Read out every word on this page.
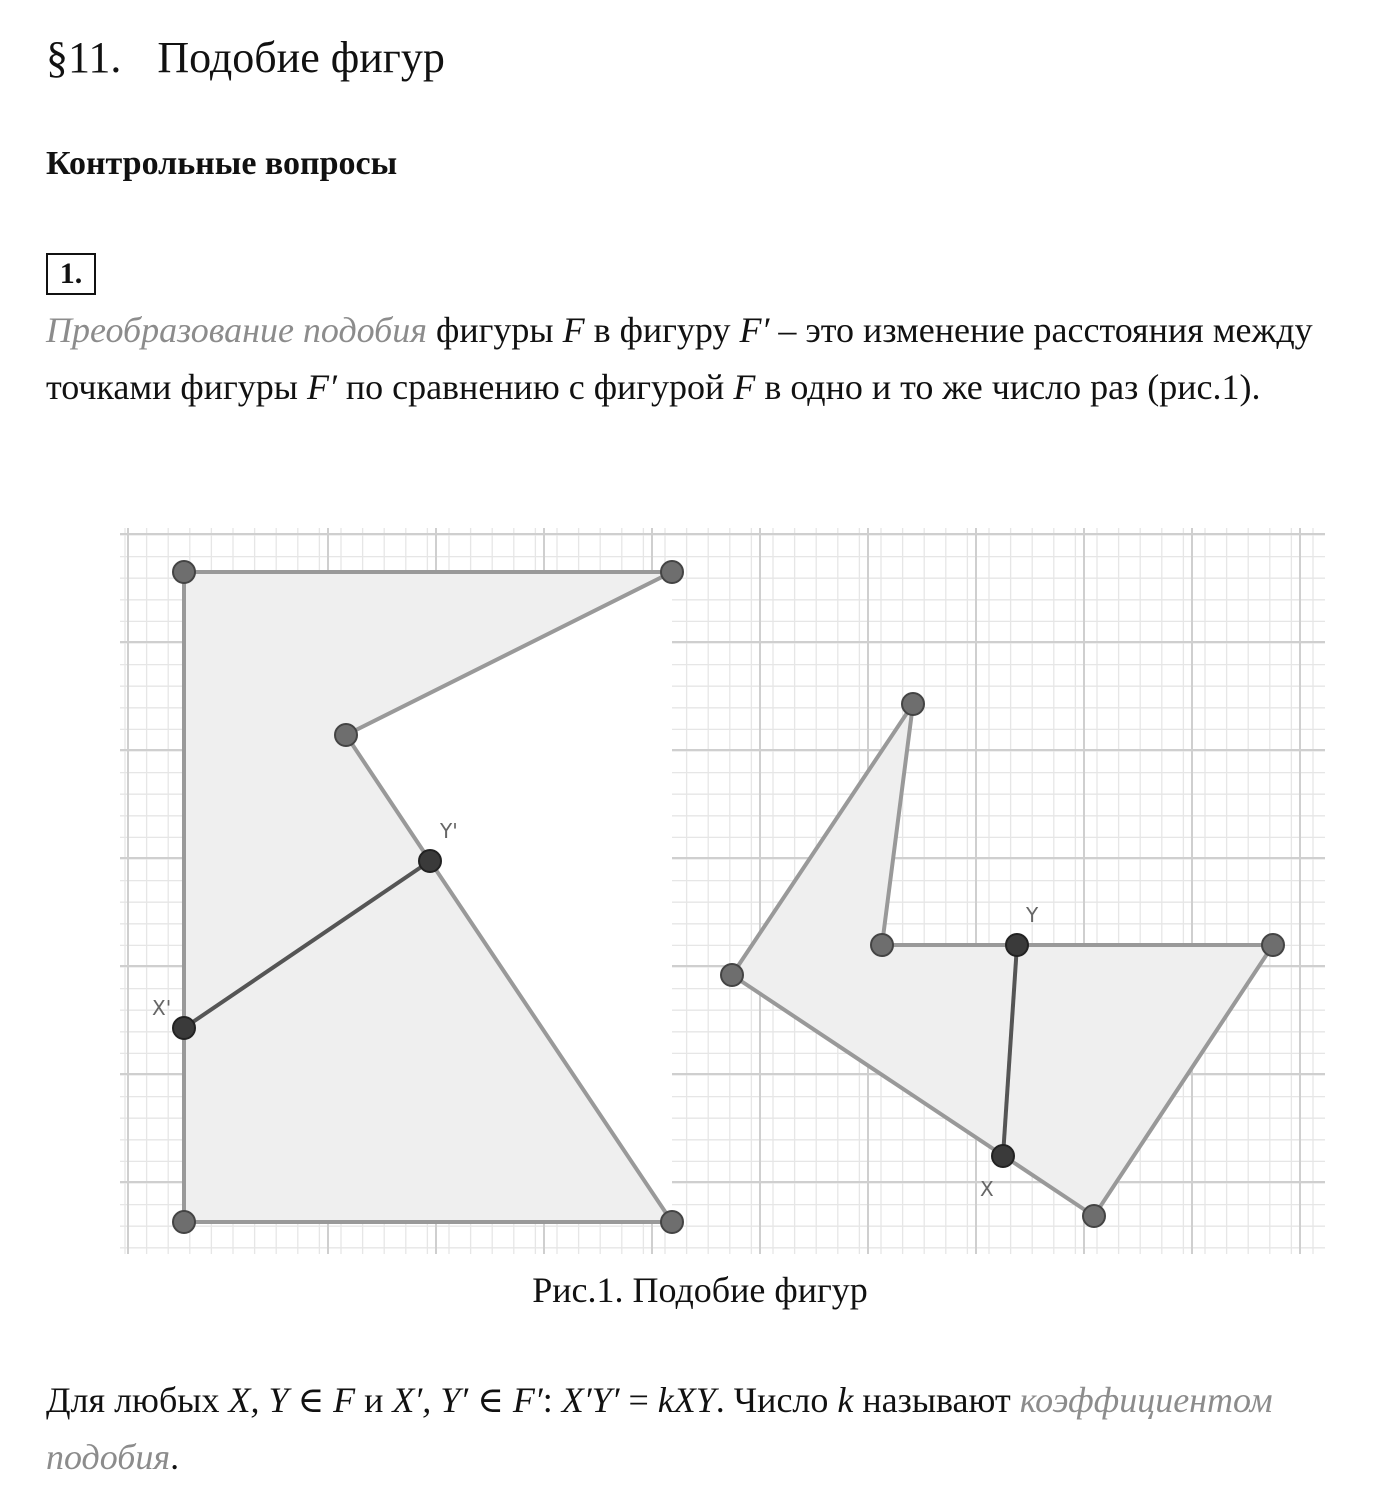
§11. Подобие фигур
Контрольные вопросы
1.
Преобразование подобия фигуры F в фигуру F′ – это изменение расстояния между точками фигуры F′ по сравнению с фигурой F в одно и то же число раз (рис.1).
Y'
X'
Y
X
Рис.1. Подобие фигур
Для любых X, Y ∈ F и X′, Y′ ∈ F′: X′Y′ = kXY. Число k называют коэффициентом подобия.
